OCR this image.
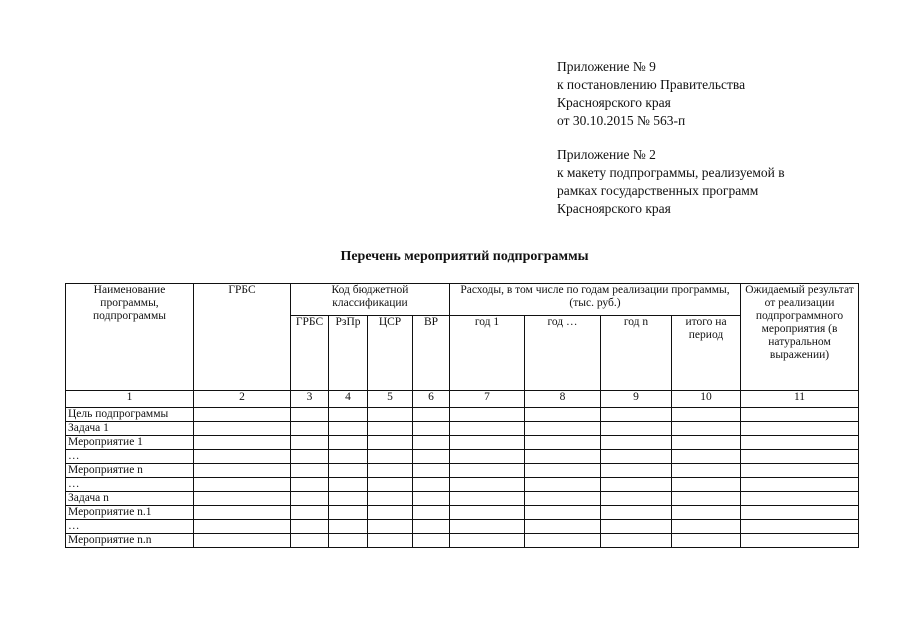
Приложение № 9
к постановлению Правительства
Красноярского края
от 30.10.2015 № 563-п
Приложение № 2
к макету подпрограммы, реализуемой в
рамках государственных программ
Красноярского края
Перечень мероприятий подпрограммы
Наименование программы, подпрограммы	ГРБС	Код бюджетной классификации				Расходы, в том числе по годам реализации программы, (тыс. руб.)				Ожидаемый результат от реализации подпрограммного мероприятия (в натуральном выражении)
		ГРБС	РзПр	ЦСР	ВР	год 1	год …	год n	итого на период	
1	2	3	4	5	6	7	8	9	10	11
Цель подпрограммы										
Задача 1										
Мероприятие 1										
…										
Мероприятие n										
…										
Задача n										
Мероприятие n.1										
…										
Мероприятие n.n										
